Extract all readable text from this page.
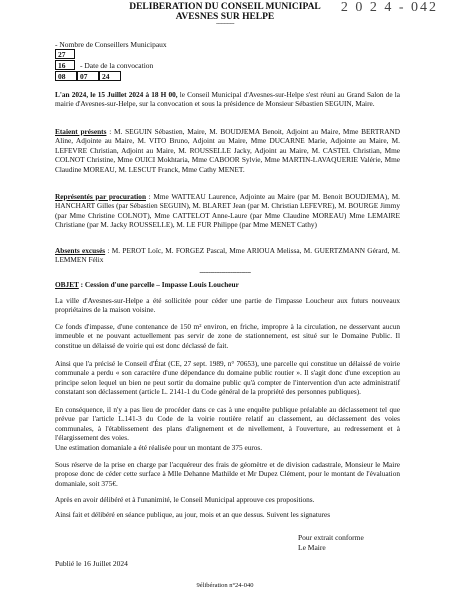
2 0 2 4 - 042
DELIBERATION DU CONSEIL MUNICIPAL
AVESNES SUR HELPE
------------
- Nombre de Conseillers Municipaux
27
16	- Date de la convocation
08	07	24
L'an 2024, le 15 Juillet 2024 à 18 H 00, le Conseil Municipal d'Avesnes-sur-Helpe s'est réuni au Grand Salon de la mairie d'Avesnes-sur-Helpe, sur la convocation et sous la présidence de Monsieur Sébastien SEGUIN, Maire.
Etaient présents : M. SEGUIN Sébastien, Maire, M. BOUDJEMA Benoit, Adjoint au Maire, Mme BERTRAND Aline, Adjointe au Maire, M. VITO Bruno, Adjoint au Maire, Mme DUCARNE Marie, Adjointe au Maire, M. LEFEVRE Christian, Adjoint au Maire, M. ROUSSELLE Jacky, Adjoint au Maire, M. CASTEL Christian, Mme COLNOT Christine, Mme OUICI Mokhtaria, Mme CABOOR Sylvie, Mme MARTIN-LAVAQUERIE Valérie, Mme Claudine MOREAU, M. LESCUT Franck, Mme Cathy MENET.
Représentés par procuration : Mme WATTEAU Laurence, Adjointe au Maire (par M. Benoit BOUDJEMA), M. HANCHART Gilles (par Sébastien SEGUIN), M. BLARET Jean (par M. Christian LEFEVRE), M. BOURGE Jimmy (par Mme Christine COLNOT), Mme CATTELOT Anne-Laure (par Mme Claudine MOREAU) Mme LEMAIRE Christiane (par M. Jacky ROUSSELLE), M. LE FUR Philippe (par Mme MENET Cathy)
Absents excusés : M. PEROT Loïc, M. FORGEZ Pascal, Mme ARIOUA Melissa, M. GUERTZMANN Gérard, M. LEMMEN Félix
----------------------------
OBJET : Cession d'une parcelle – Impasse Louis Loucheur
La ville d'Avesnes-sur-Helpe a été sollicitée pour céder une partie de l'impasse Loucheur aux futurs nouveaux propriétaires de la maison voisine.
Ce fonds d'impasse, d'une contenance de 150 m² environ, en friche, impropre à la circulation, ne desservant aucun immeuble et ne pouvant actuellement pas servir de zone de stationnement, est situé sur le Domaine Public. Il constitue un délaissé de voirie qui est donc déclassé de fait.
Ainsi que l'a précisé le Conseil d'État (CE, 27 sept. 1989, n° 70653), une parcelle qui constitue un délaissé de voirie communale a perdu « son caractère d'une dépendance du domaine public routier ». Il s'agit donc d'une exception au principe selon lequel un bien ne peut sortir du domaine public qu'à compter de l'intervention d'un acte administratif constatant son déclassement (article L. 2141-1 du Code général de la propriété des personnes publiques).
En conséquence, il n'y a pas lieu de procéder dans ce cas à une enquête publique préalable au déclassement tel que prévue par l'article L.141-3 du Code de la voirie routière relatif au classement, au déclassement des voies communales, à l'établissement des plans d'alignement et de nivellement, à l'ouverture, au redressement et à l'élargissement des voies.
Une estimation domaniale a été réalisée pour un montant de 375 euros.
Sous réserve de la prise en charge par l'acquéreur des frais de géomètre et de division cadastrale, Monsieur le Maire propose donc de céder cette surface à Mlle Dehanne Mathilde et Mr Dupez Clément, pour le montant de l'évaluation domaniale, soit 375€.
Après en avoir délibéré et à l'unanimité, le Conseil Municipal approuve ces propositions.
Ainsi fait et délibéré en séance publique, au jour, mois et an que dessus. Suivent les signatures
Pour extrait conforme
Le Maire
Publié le 16 Juillet 2024
9élibération n°24-040
